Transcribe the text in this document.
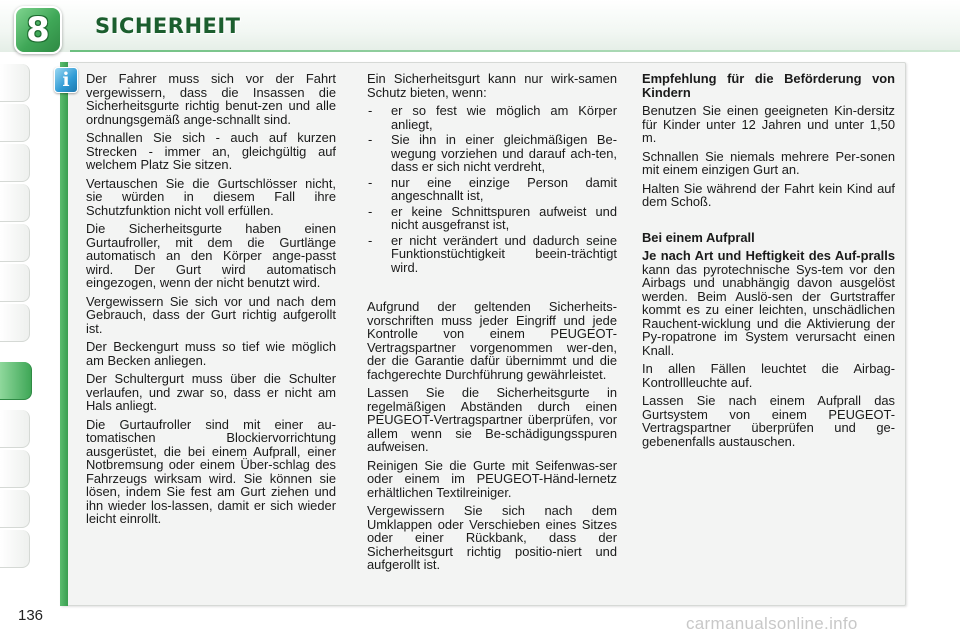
8 SICHERHEIT
i Der Fahrer muss sich vor der Fahrt vergewissern, dass die Insassen die Sicherheitsgurte richtig benut-zen und alle ordnungsgemäß ange-schnallt sind.

Schnallen Sie sich - auch auf kurzen Strecken - immer an, gleichgültig auf welchem Platz Sie sitzen.

Vertauschen Sie die Gurtschlösser nicht, sie würden in diesem Fall ihre Schutzfunktion nicht voll erfüllen.

Die Sicherheitsgurte haben einen Gurtaufroller, mit dem die Gurtlänge automatisch an den Körper ange-passt wird. Der Gurt wird automatisch eingezogen, wenn der nicht benutzt wird.

Vergewissern Sie sich vor und nach dem Gebrauch, dass der Gurt richtig aufgerollt ist.

Der Beckengurt muss so tief wie möglich am Becken anliegen.

Der Schultergurt muss über die Schulter verlaufen, und zwar so, dass er nicht am Hals anliegt.

Die Gurtaufroller sind mit einer au-tomatischen Blockiervorrichtung ausgerüstet, die bei einem Aufprall, einer Notbremsung oder einem Über-schlag des Fahrzeugs wirksam wird. Sie können sie lösen, indem Sie fest am Gurt ziehen und ihn wieder los-lassen, damit er sich wieder leicht einrollt.

Ein Sicherheitsgurt kann nur wirk-samen Schutz bieten, wenn:

- er so fest wie möglich am Körper anliegt,
- Sie ihn in einer gleichmäßigen Be-wegung vorziehen und darauf ach-ten, dass er sich nicht verdreht,
- nur eine einzige Person damit angeschnallt ist,
- er keine Schnittspuren aufweist und nicht ausgefranst ist,
- er nicht verändert und dadurch seine Funktionstüchtigkeit beein-trächtigt wird.

Aufgrund der geltenden Sicherheits-vorschriften muss jeder Eingriff und jede Kontrolle von einem PEUGEOT-Vertragspartner vorgenommen wer-den, der die Garantie dafür übernimmt und die fachgerechte Durchführung gewährleistet.

Lassen Sie die Sicherheitsgurte in regelmäßigen Abständen durch einen PEUGEOT-Vertragspartner überprüfen, vor allem wenn sie Be-schädigungsspuren aufweisen.

Reinigen Sie die Gurte mit Seifenwas-ser oder einem im PEUGEOT-Händ-lernetz erhältlichen Textilreiniger.

Vergewissern Sie sich nach dem Umklappen oder Verschieben eines Sitzes oder einer Rückbank, dass der Sicherheitsgurt richtig positio-niert und aufgerollt ist.

Empfehlung für die Beförderung von Kindern

Benutzen Sie einen geeigneten Kin-dersitz für Kinder unter 12 Jahren und unter 1,50 m.

Schnallen Sie niemals mehrere Per-sonen mit einem einzigen Gurt an.

Halten Sie während der Fahrt kein Kind auf dem Schoß.

Bei einem Aufprall

Je nach Art und Heftigkeit des Auf-pralls kann das pyrotechnische Sys-tem vor den Airbags und unabhängig davon ausgelöst werden. Beim Auslö-sen der Gurtstraffer kommt es zu einer leichten, unschädlichen Rauchent-wicklung und die Aktivierung der Py-ropatrone im System verursacht einen Knall.

In allen Fällen leuchtet die Airbag-Kontrollleuchte auf.

Lassen Sie nach einem Aufprall das Gurtsystem von einem PEUGEOT-Vertragspartner überprüfen und ge-gebenenfalls austauschen.

136	carmanualsonline.info
